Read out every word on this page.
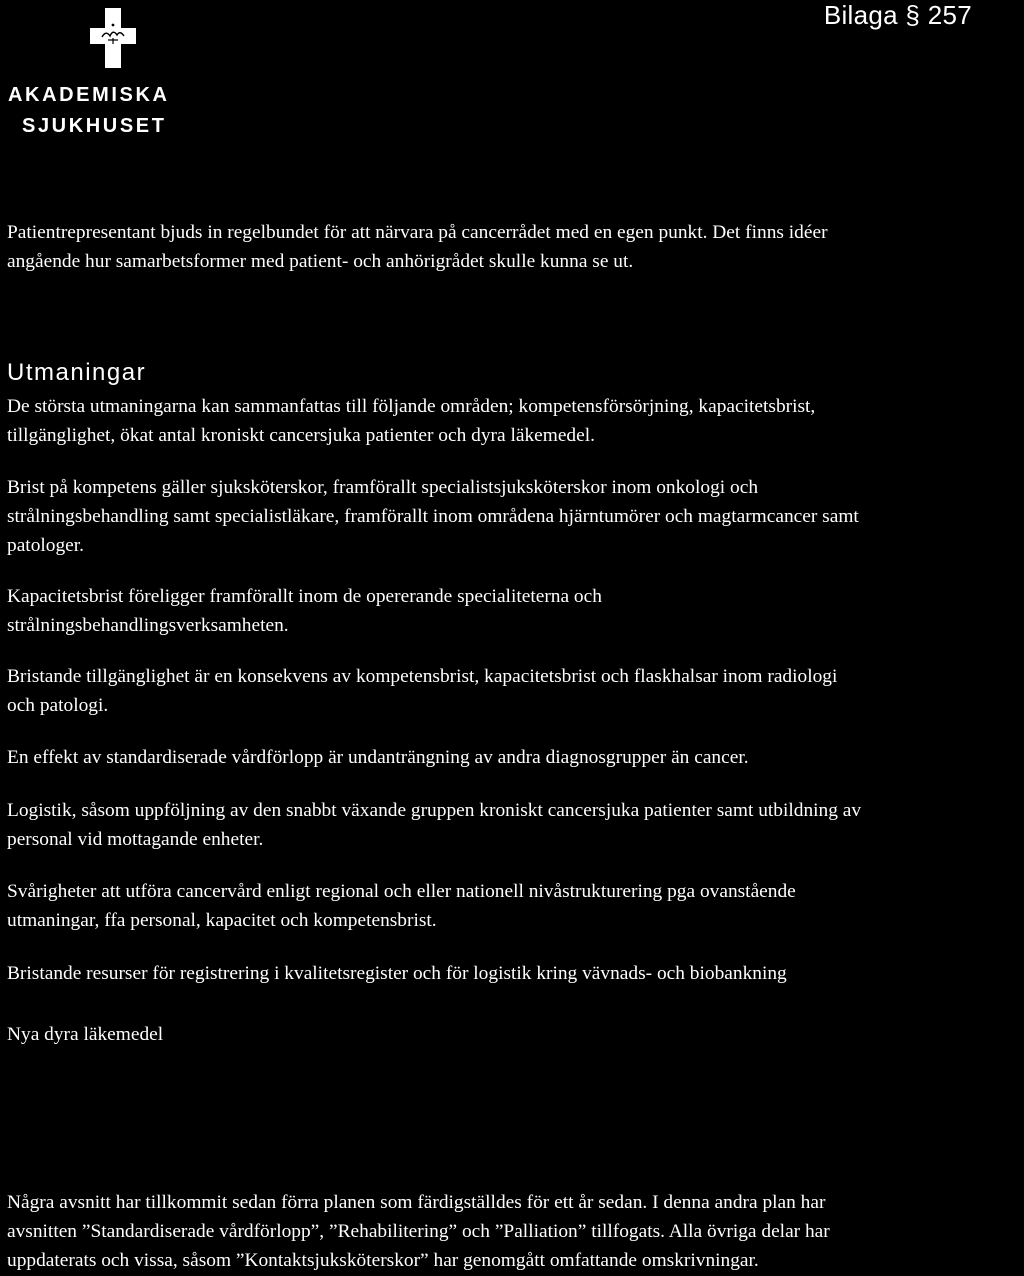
AKADEMISKA
SJUKHUSET
Bilaga § 257

Patientrepresentant bjuds in regelbundet för att närvara på cancerrådet med en egen punkt. Det finns idéer
angående hur samarbetsformer med patient- och anhörigrådet skulle kunna se ut.

Utmaningar

De största utmaningarna kan sammanfattas till följande områden; kompetensförsörjning, kapacitetsbrist,
tillgänglighet, ökat antal kroniskt cancersjuka patienter och dyra läkemedel.

Brist på kompetens gäller sjuksköterskor, framförallt specialistsjuksköterskor inom onkologi och
strålningsbehandling samt specialistläkare, framförallt inom områdena hjärntumörer och magtarmcancer samt
patologer.

Kapacitetsbrist föreligger framförallt inom de opererande specialiteterna och
strålningsbehandlingsverksamheten.

Bristande tillgänglighet är en konsekvens av kompetensbrist, kapacitetsbrist och flaskhalsar inom radiologi
och patologi.

En effekt av standardiserade vårdförlopp är undanträngning av andra diagnosgrupper än cancer.

Logistik, såsom uppföljning av den snabbt växande gruppen kroniskt cancersjuka patienter samt utbildning av
personal vid mottagande enheter.

Svårigheter att utföra cancervård enligt regional och eller nationell nivåstrukturering pga ovanstående
utmaningar, ffa personal, kapacitet och kompetensbrist.

Bristande resurser för registrering i kvalitetsregister och för logistik kring vävnads- och biobankning

Nya dyra läkemedel

Några avsnitt har tillkommit sedan förra planen som färdigställdes för ett år sedan. I denna andra plan har
avsnitten ”Standardiserade vårdförlopp”, ”Rehabilitering” och ”Palliation” tillfogats. Alla övriga delar har
uppdaterats och vissa, såsom ”Kontaktsjuksköterskor” har genomgått omfattande omskrivningar.
